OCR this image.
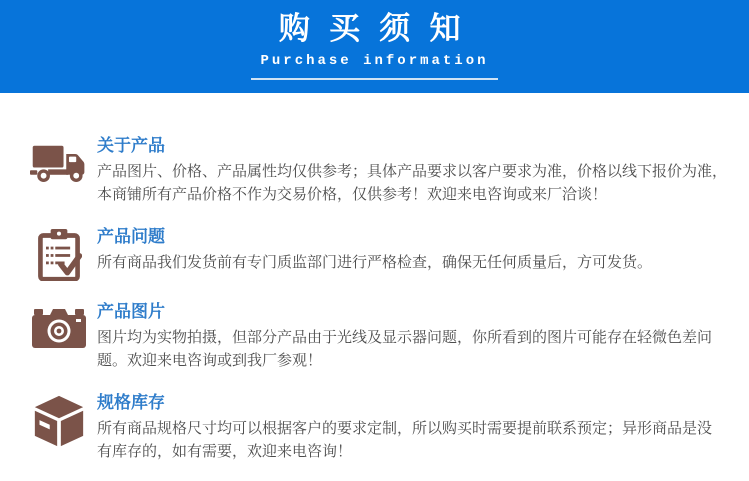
购买须知
Purchase information
关于产品
产品图片、价格、产品属性均仅供参考；具体产品要求以客户要求为准，价格以线下报价为准，
本商铺所有产品价格不作为交易价格，仅供参考！欢迎来电咨询或来厂洽谈！
产品问题
所有商品我们发货前有专门质监部门进行严格检查，确保无任何质量后，方可发货。
产品图片
图片均为实物拍摄，但部分产品由于光线及显示器问题，你所看到的图片可能存在轻微色差问
题。欢迎来电咨询或到我厂参观！
规格库存
所有商品规格尺寸均可以根据客户的要求定制，所以购买时需要提前联系预定；异形商品是没
有库存的，如有需要，欢迎来电咨询！
